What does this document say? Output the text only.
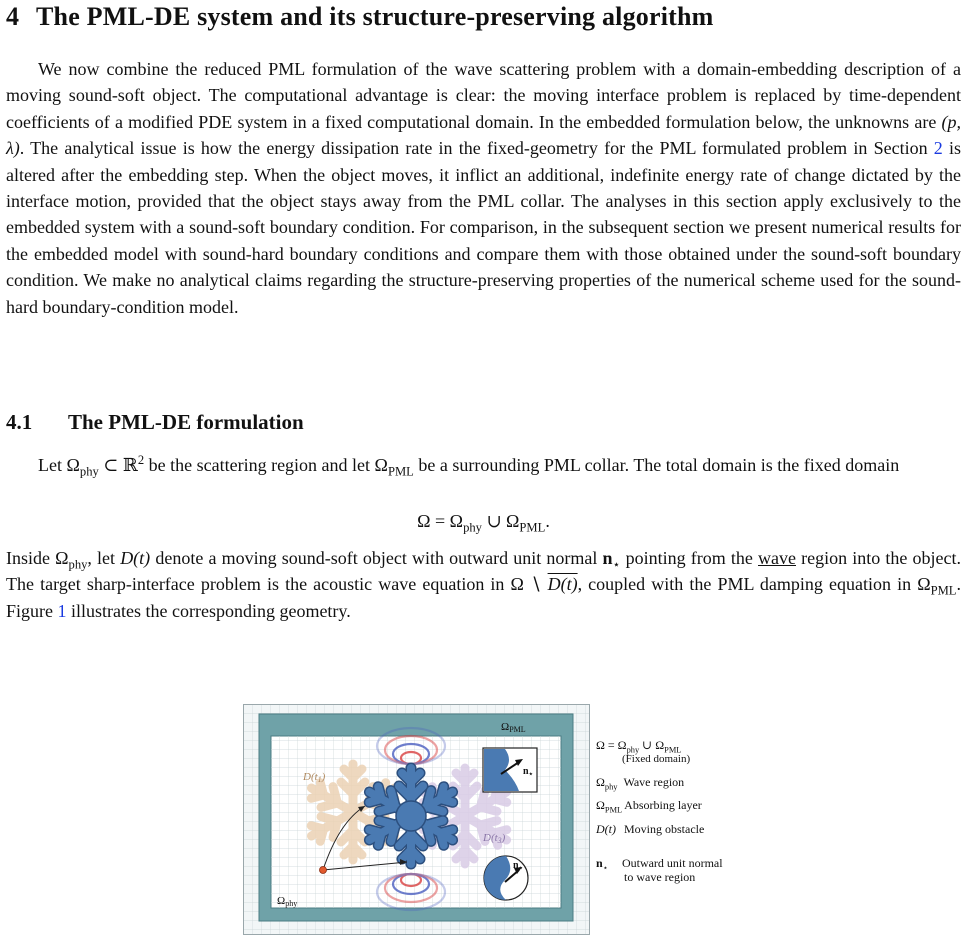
4 The PML-DE system and its structure-preserving algorithm

We now combine the reduced PML formulation of the wave scattering problem with a domain-embedding description of a moving sound-soft object. The computational advantage is clear: the moving interface problem is replaced by time-dependent coefficients of a modified PDE system in a fixed computational domain. In the embedded formulation below, the unknowns are (p, λ). The analytical issue is how the energy dissipation rate in the fixed-geometry for the PML formulated problem in Section 2 is altered after the embedding step. When the object moves, it inflict an additional, indefinite energy rate of change dictated by the interface motion, provided that the object stays away from the PML collar. The analyses in this section apply exclusively to the embedded system with a sound-soft boundary condition. For comparison, in the subsequent section we present numerical results for the embedded model with sound-hard boundary conditions and compare them with those obtained under the sound-soft boundary condition. We make no analytical claims regarding the structure-preserving properties of the numerical scheme used for the sound-hard boundary-condition model.

4.1 The PML-DE formulation

Let $\Omega_{phy}$ ⊂ ℝ$^2$ be the scattering region and let $\Omega_{PML}$ be a surrounding PML collar. The total domain is the fixed domain

$\Omega = \Omega_{phy}$ ∪ $\Omega_{PML}$.

Inside $\Omega_{phy}$, let D(t) denote a moving sound-soft object with outward unit normal $n_⋆$ pointing from the wave region into the object. The target sharp-interface problem is the acoustic wave equation in Ω ∖ D(t), coupled with the PML damping equation in $\Omega_{PML}$. Figure 1 illustrates the corresponding geometry.

ΩPML
Ωphy
D(t1)
D(t3)
$n_⋆$
$n_⋆$
$\Omega = \Omega_{phy}$ ∪ $\Omega_{PML}$
(Fixed domain)
$\Omega_{phy}$ Wave region
$\Omega_{PML}$ Absorbing layer
D(t) Moving obstacle
$n_⋆$ Outward unit normal
to wave region
